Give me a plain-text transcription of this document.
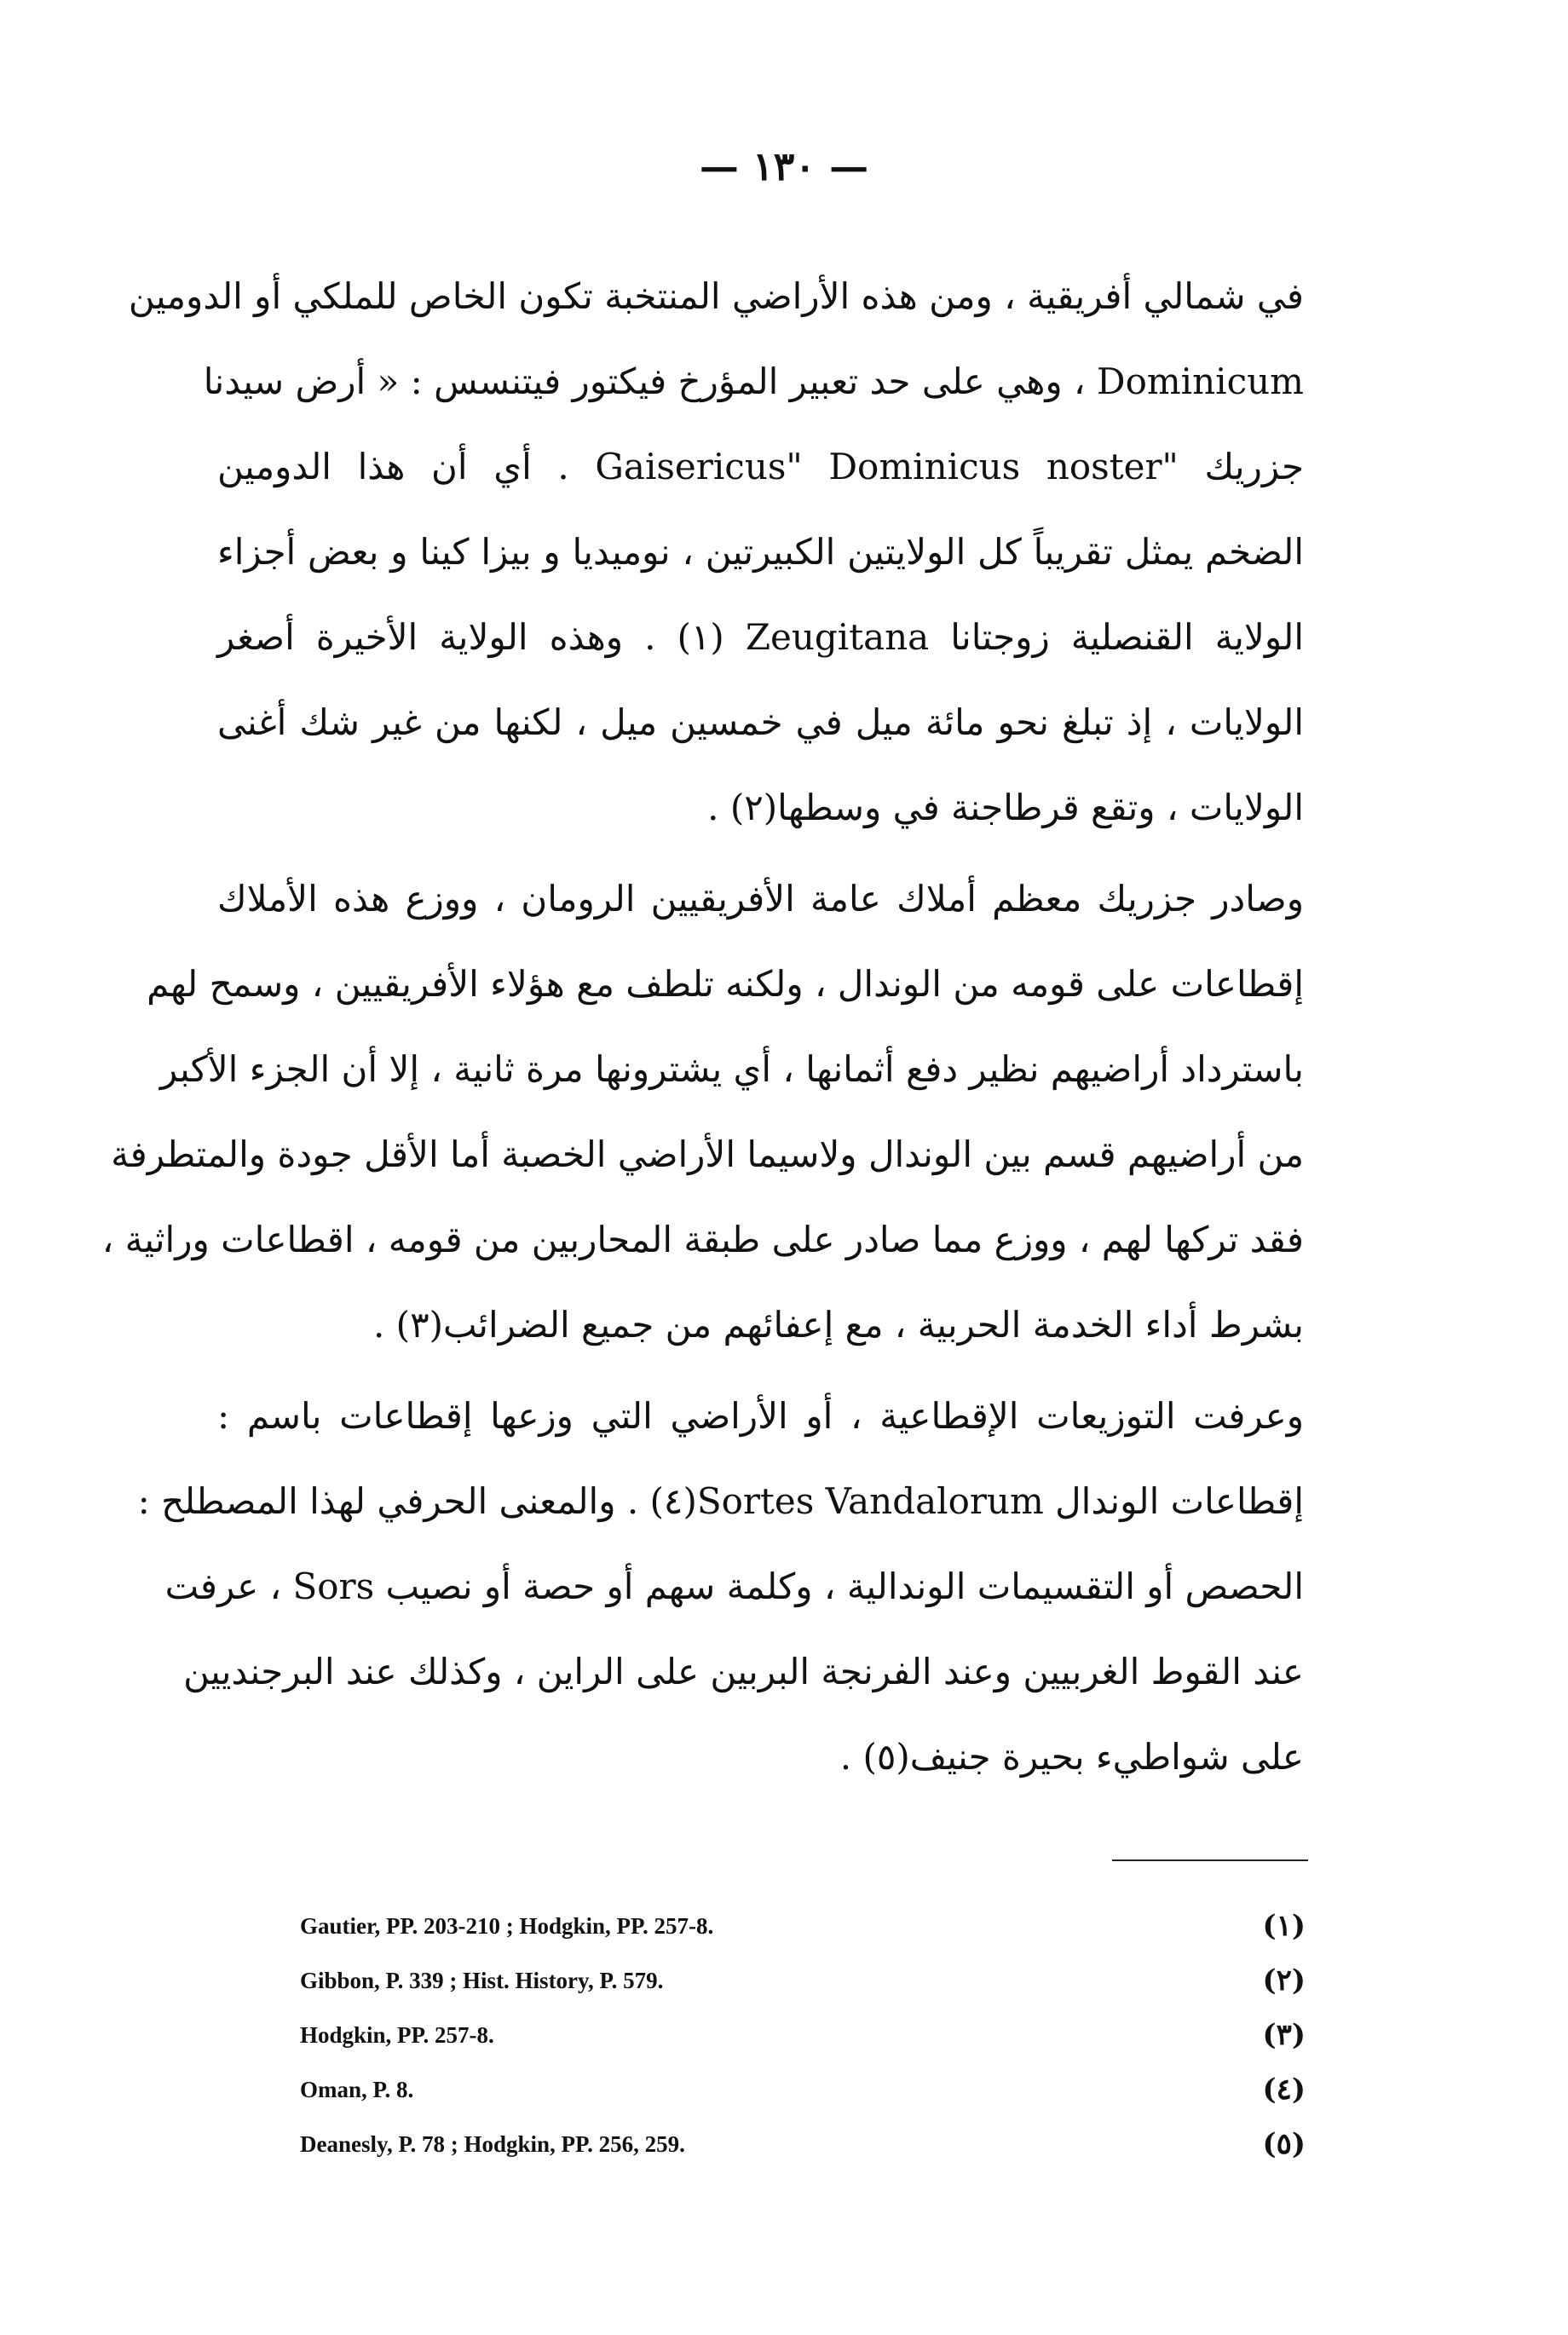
— ١٣٠ —
في شمالي أفريقية ، ومن هذه الأراضي المنتخبة تكون الخاص للملكي أو الدومين
Dominicum ، وهي على حد تعبير المؤرخ فيكتور فيتنسس : « أرض سيدنا
جزريك "Gaisericus" Dominicus noster . أي أن هذا الدومين
الضخم يمثل تقريباً كل الولايتين الكبيرتين ، نوميديا و بيزا كينا و بعض أجزاء
الولاية القنصلية زوجتانا Zeugitana (١) . وهذه الولاية الأخيرة أصغر
الولايات ، إذ تبلغ نحو مائة ميل في خمسين ميل ، لكنها من غير شك أغنى
الولايات ، وتقع قرطاجنة في وسطها(٢) .
وصادر جزريك معظم أملاك عامة الأفريقيين الرومان ، ووزع هذه الأملاك
إقطاعات على قومه من الوندال ، ولكنه تلطف مع هؤلاء الأفريقيين ، وسمح لهم
باسترداد أراضيهم نظير دفع أثمانها ، أي يشترونها مرة ثانية ، إلا أن الجزء الأكبر
من أراضيهم قسم بين الوندال ولاسيما الأراضي الخصبة أما الأقل جودة والمتطرفة
فقد تركها لهم ، ووزع مما صادر على طبقة المحاربين من قومه ، اقطاعات وراثية ،
بشرط أداء الخدمة الحربية ، مع إعفائهم من جميع الضرائب(٣) .
وعرفت التوزيعات الإقطاعية ، أو الأراضي التي وزعها إقطاعات باسم :
إقطاعات الوندال Sortes Vandalorum(٤) . والمعنى الحرفي لهذا المصطلح :
الحصص أو التقسيمات الوندالية ، وكلمة سهم أو حصة أو نصيب Sors ، عرفت
عند القوط الغربيين وعند الفرنجة البربين على الراين ، وكذلك عند البرجنديين
على شواطيء بحيرة جنيف(٥) .
Gautier, PP. 203-210 ; Hodgkin, PP. 257-8.	(١)
Gibbon, P. 339 ; Hist. History, P. 579.	(٢)
Hodgkin, PP. 257-8.	(٣)
Oman, P. 8.	(٤)
Deanesly, P. 78 ; Hodgkin, PP. 256, 259.	(٥)
